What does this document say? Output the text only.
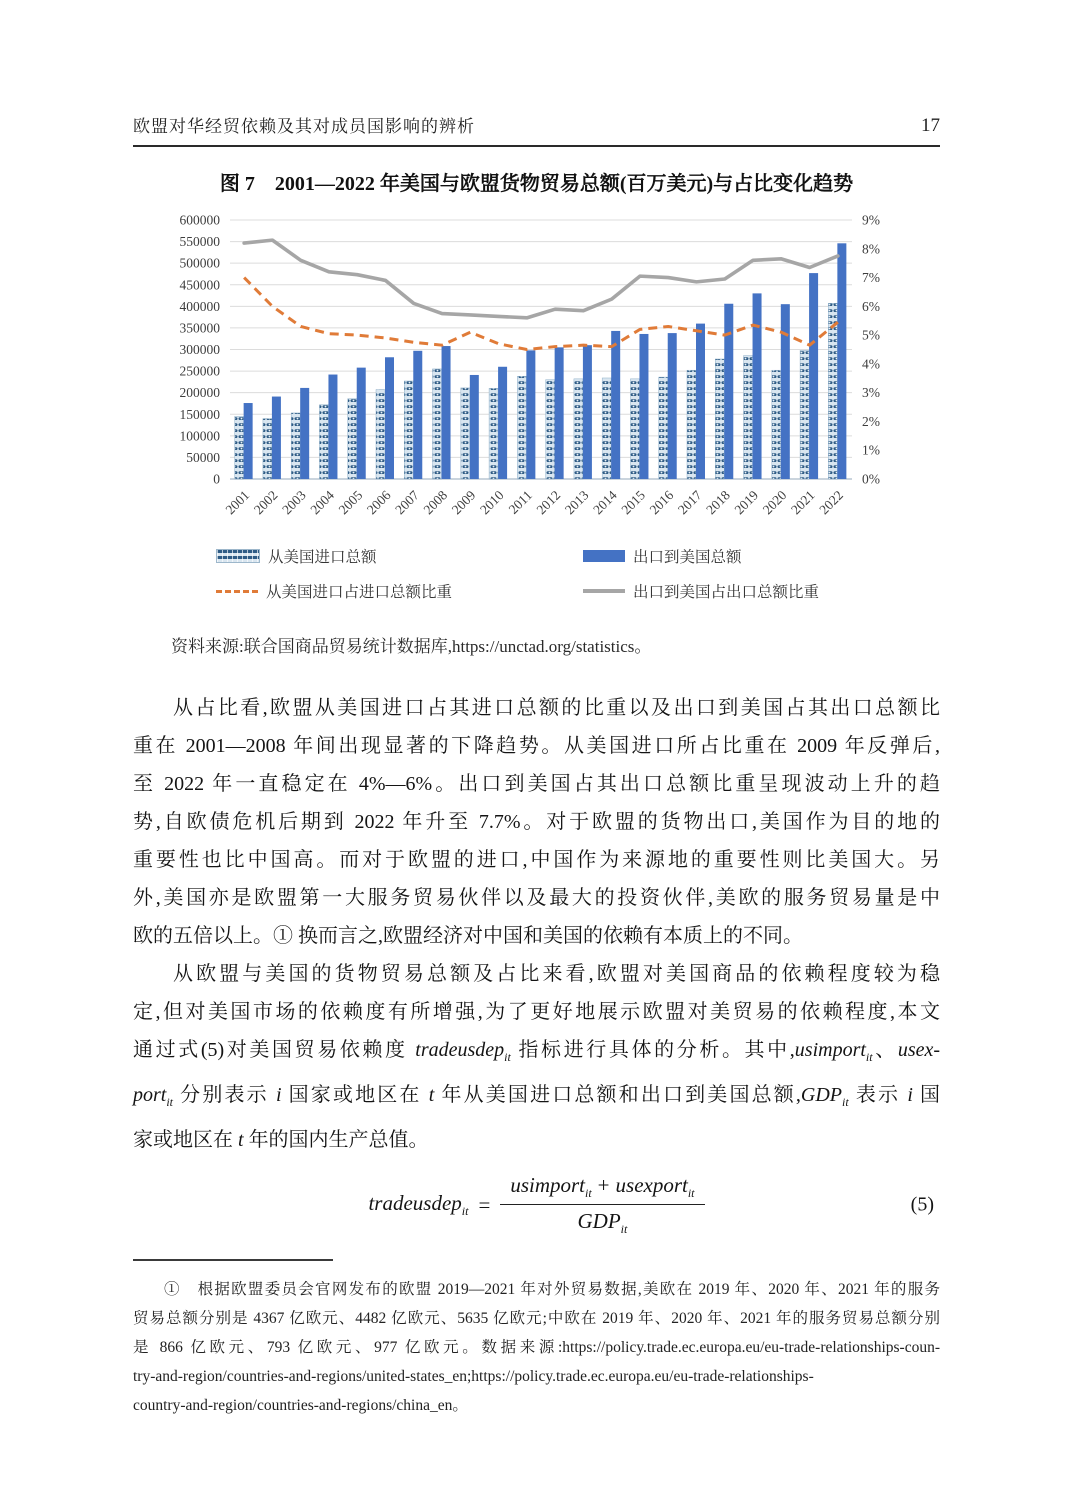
欧盟对华经贸依赖及其对成员国影响的辨析	17
图 7　2001—2022 年美国与欧盟货物贸易总额(百万美元)与占比变化趋势
0
50000
100000
150000
200000
250000
300000
350000
400000
450000
500000
550000
600000
0%
1%
2%
3%
4%
5%
6%
7%
8%
9%
2001
2002
2003
2004
2005
2006
2007
2008
2009
2010
2011
2012
2013
2014
2015
2016
2017
2018
2019
2020
2021
2022
从美国进口总额	出口到美国总额
从美国进口占进口总额比重	出口到美国占出口总额比重
资料来源:联合国商品贸易统计数据库,https://unctad.org/statistics。
从占比看,欧盟从美国进口占其进口总额的比重以及出口到美国占其出口总额比
重在 2001—2008 年间出现显著的下降趋势。从美国进口所占比重在 2009 年反弹后,
至 2022 年一直稳定在 4%—6%。出口到美国占其出口总额比重呈现波动上升的趋
势,自欧债危机后期到 2022 年升至 7.7%。对于欧盟的货物出口,美国作为目的地的
重要性也比中国高。而对于欧盟的进口,中国作为来源地的重要性则比美国大。另
外,美国亦是欧盟第一大服务贸易伙伴以及最大的投资伙伴,美欧的服务贸易量是中
欧的五倍以上。① 换而言之,欧盟经济对中国和美国的依赖有本质上的不同。
从欧盟与美国的货物贸易总额及占比来看,欧盟对美国商品的依赖程度较为稳
定,但对美国市场的依赖度有所增强,为了更好地展示欧盟对美贸易的依赖程度,本文
通过式(5)对美国贸易依赖度 tradeusdep$_{it}$ 指标进行具体的分析。其中,usimport$_{it}$、usex-
port$_{it}$ 分别表示 i 国家或地区在 t 年从美国进口总额和出口到美国总额$,GDP_{it}$ 表示 i 国
家或地区在 t 年的国内生产总值。
tradeusdep$_{it}$ = $\frac{usimport_{it} + usexport_{it}}{GDP_{it}}$	(5)
①　根据欧盟委员会官网发布的欧盟 2019—2021 年对外贸易数据,美欧在 2019 年、2020 年、2021 年的服务
贸易总额分别是 4367 亿欧元、4482 亿欧元、5635 亿欧元;中欧在 2019 年、2020 年、2021 年的服务贸易总额分别
是 866 亿欧元、793 亿欧元、977 亿欧元。数据来源:https://policy.trade.ec.europa.eu/eu-trade-relationships-coun-
try-and-region/countries-and-regions/united-states_en;https://policy.trade.ec.europa.eu/eu-trade-relationships-
country-and-region/countries-and-regions/china_en。
